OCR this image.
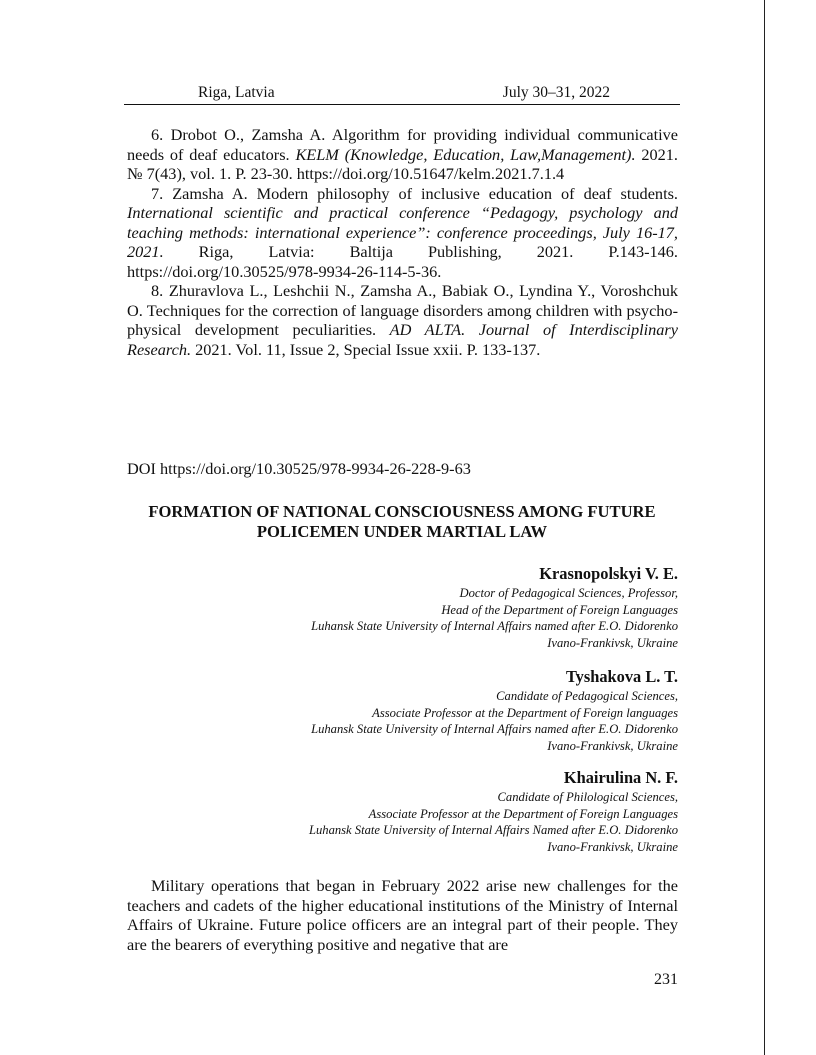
Riga, Latvia	July 30–31, 2022

6. Drobot O., Zamsha A. Algorithm for providing individual communicative needs of deaf educators. KELM (Knowledge, Education, Law,Management). 2021. № 7(43), vol. 1. P. 23-30. https://doi.org/10.51647/kelm.2021.7.1.4

7. Zamsha A. Modern philosophy of inclusive education of deaf students. International scientific and practical conference “Pedagogy, psychology and teaching methods: international experience”: conference proceedings, July 16-17, 2021. Riga, Latvia: Baltija Publishing, 2021. P.143-146. https://doi.org/10.30525/978-9934-26-114-5-36.

8. Zhuravlova L., Leshchii N., Zamsha A., Babiak O., Lyndina Y., Voroshchuk O. Techniques for the correction of language disorders among children with psycho-physical development peculiarities. AD ALTA. Journal of Interdisciplinary Research. 2021. Vol. 11, Issue 2, Special Issue xxii. P. 133-137.

DOI https://doi.org/10.30525/978-9934-26-228-9-63
FORMATION OF NATIONAL CONSCIOUSNESS AMONG FUTURE
POLICEMEN UNDER MARTIAL LAW
Krasnopolskyi V. E.
Doctor of Pedagogical Sciences, Professor,
Head of the Department of Foreign Languages
Luhansk State University of Internal Affairs named after E.O. Didorenko
Ivano-Frankivsk, Ukraine
Tyshakova L. T.
Candidate of Pedagogical Sciences,
Associate Professor at the Department of Foreign languages
Luhansk State University of Internal Affairs named after E.O. Didorenko
Ivano-Frankivsk, Ukraine
Khairulina N. F.
Candidate of Philological Sciences,
Associate Professor at the Department of Foreign Languages
Luhansk State University of Internal Affairs Named after E.O. Didorenko
Ivano-Frankivsk, Ukraine

Military operations that began in February 2022 arise new challenges for the teachers and cadets of the higher educational institutions of the Ministry of Internal Affairs of Ukraine. Future police officers are an integral part of their people. They are the bearers of everything positive and negative that are

231
